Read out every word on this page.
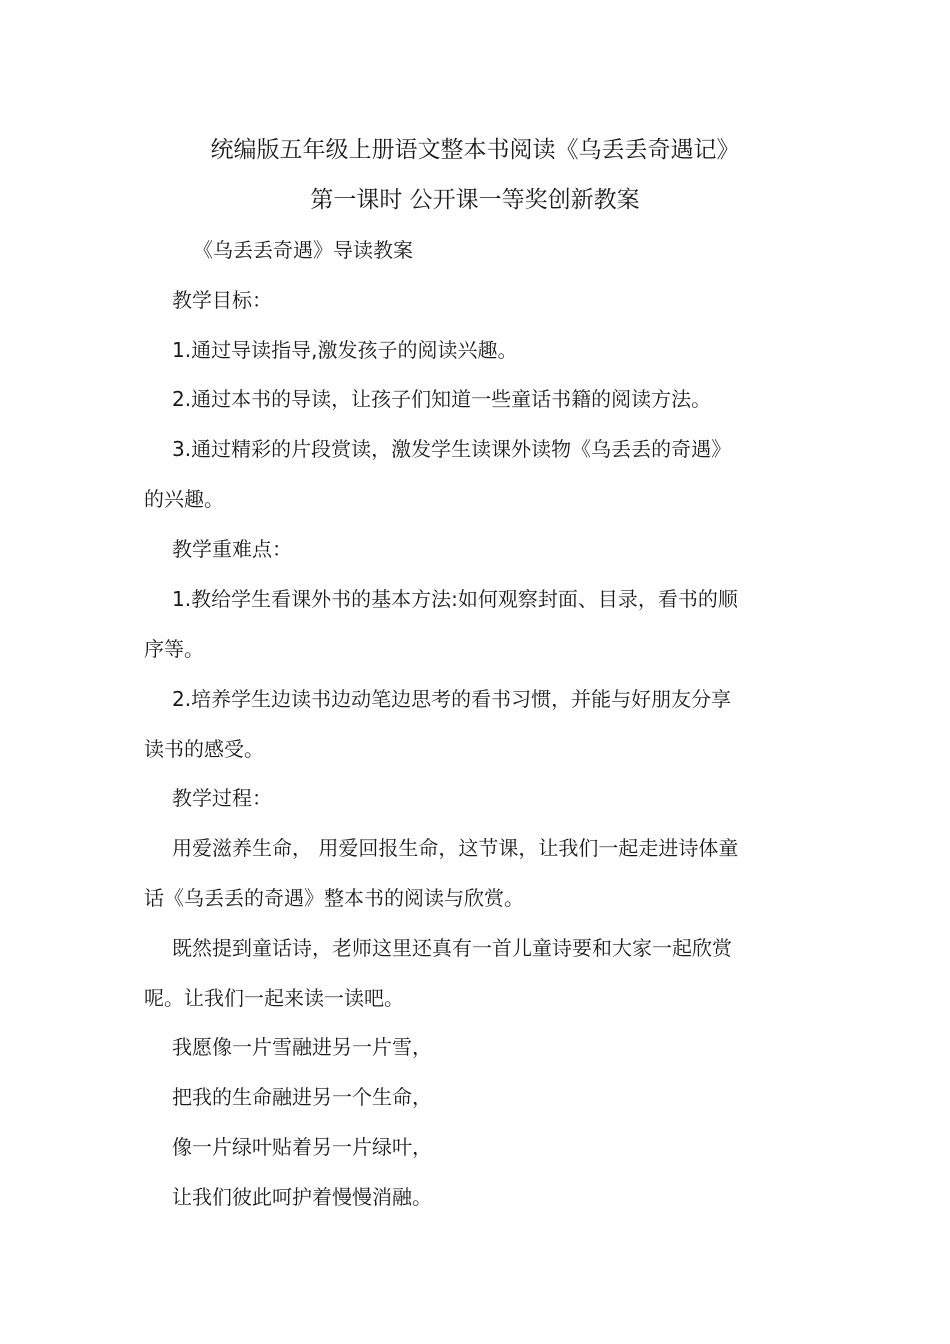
统编版五年级上册语文整本书阅读《乌丢丢奇遇记》
第一课时 公开课一等奖创新教案
《乌丢丢奇遇》导读教案
教学目标：
1.通过导读指导,激发孩子的阅读兴趣。
2.通过本书的导读，让孩子们知道一些童话书籍的阅读方法。
3.通过精彩的片段赏读，激发学生读课外读物《乌丢丢的奇遇》
的兴趣。
教学重难点：
1.教给学生看课外书的基本方法:如何观察封面、目录，看书的顺
序等。
2.培养学生边读书边动笔边思考的看书习惯，并能与好朋友分享
读书的感受。
教学过程：
用爱滋养生命， 用爱回报生命，这节课，让我们一起走进诗体童
话《乌丢丢的奇遇》整本书的阅读与欣赏。
既然提到童话诗，老师这里还真有一首儿童诗要和大家一起欣赏
呢。让我们一起来读一读吧。
我愿像一片雪融进另一片雪，
把我的生命融进另一个生命，
像一片绿叶贴着另一片绿叶，
让我们彼此呵护着慢慢消融。
